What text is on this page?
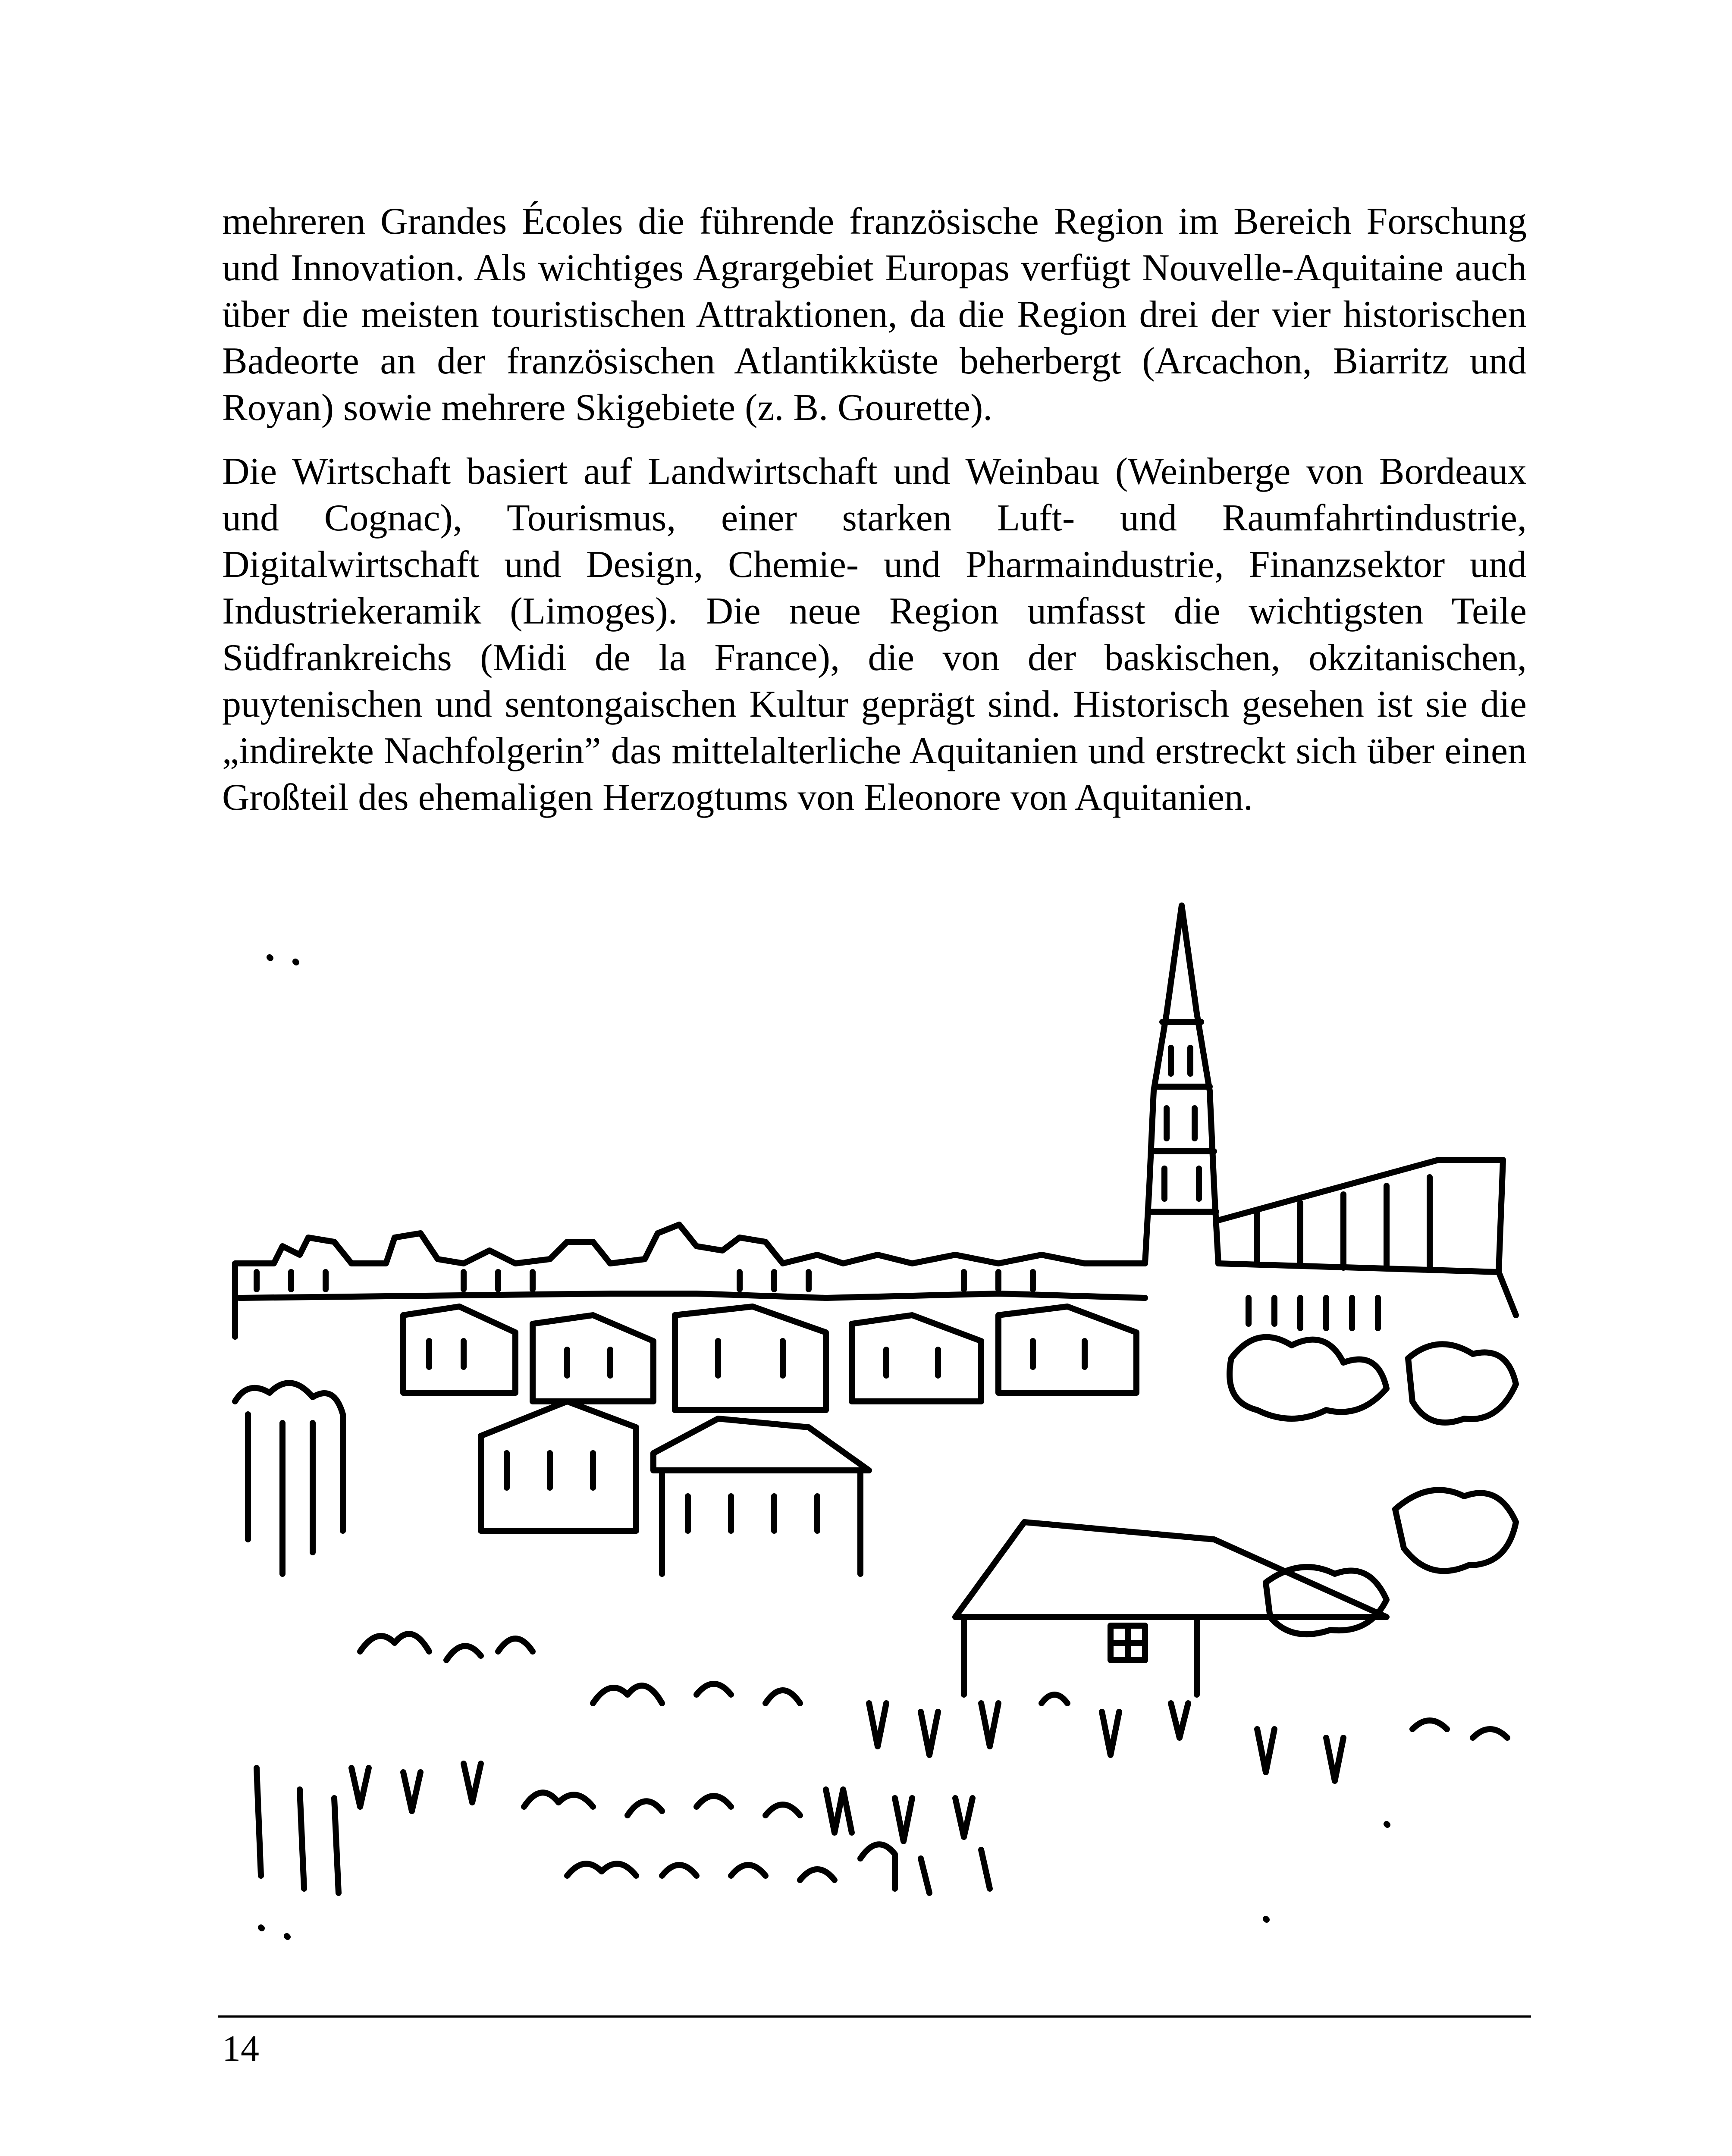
mehreren Grandes Écoles die führende französische Region im Bereich Forschung und Innovation. Als wichtiges Agrargebiet Europas verfügt Nouvelle-Aquitaine auch über die meisten touristischen Attraktionen, da die Region drei der vier historischen Badeorte an der französischen Atlantikküste beherbergt (Arcachon, Biarritz und Royan) sowie mehrere Skigebiete (z. B. Gourette).

Die Wirtschaft basiert auf Landwirtschaft und Weinbau (Weinberge von Bordeaux und Cognac), Tourismus, einer starken Luft- und Raumfahrtindustrie, Digitalwirtschaft und Design, Chemie- und Pharmaindustrie, Finanzsektor und Industriekeramik (Limoges). Die neue Region umfasst die wichtigsten Teile Südfrankreichs (Midi de la France), die von der baskischen, okzitanischen, puytenischen und sentongaischen Kultur geprägt sind. Historisch gesehen ist sie die „indirekte Nachfolgerin” das mittelalterliche Aquitanien und erstreckt sich über einen Großteil des ehemaligen Herzogtums von Eleonore von Aquitanien.

14
